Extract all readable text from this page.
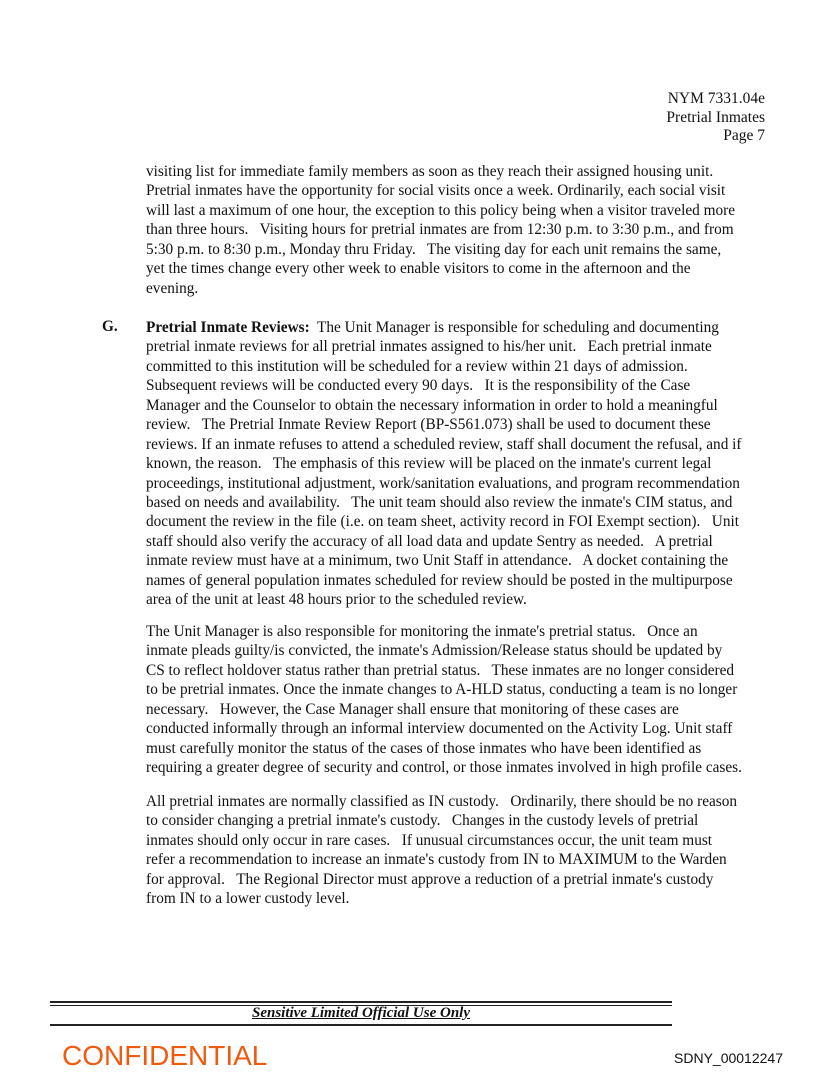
NYM 7331.04e
Pretrial Inmates
Page 7
visiting list for immediate family members as soon as they reach their assigned housing unit.
Pretrial inmates have the opportunity for social visits once a week. Ordinarily, each social visit
will last a maximum of one hour, the exception to this policy being when a visitor traveled more
than three hours.   Visiting hours for pretrial inmates are from 12:30 p.m. to 3:30 p.m., and from
5:30 p.m. to 8:30 p.m., Monday thru Friday.   The visiting day for each unit remains the same,
yet the times change every other week to enable visitors to come in the afternoon and the
evening.
G. Pretrial Inmate Reviews:  The Unit Manager is responsible for scheduling and documenting
pretrial inmate reviews for all pretrial inmates assigned to his/her unit.   Each pretrial inmate
committed to this institution will be scheduled for a review within 21 days of admission.
Subsequent reviews will be conducted every 90 days.   It is the responsibility of the Case
Manager and the Counselor to obtain the necessary information in order to hold a meaningful
review.   The Pretrial Inmate Review Report (BP-S561.073) shall be used to document these
reviews. If an inmate refuses to attend a scheduled review, staff shall document the refusal, and if
known, the reason.   The emphasis of this review will be placed on the inmate's current legal
proceedings, institutional adjustment, work/sanitation evaluations, and program recommendation
based on needs and availability.   The unit team should also review the inmate's CIM status, and
document the review in the file (i.e. on team sheet, activity record in FOI Exempt section).   Unit
staff should also verify the accuracy of all load data and update Sentry as needed.   A pretrial
inmate review must have at a minimum, two Unit Staff in attendance.   A docket containing the
names of general population inmates scheduled for review should be posted in the multipurpose
area of the unit at least 48 hours prior to the scheduled review.
The Unit Manager is also responsible for monitoring the inmate's pretrial status.   Once an
inmate pleads guilty/is convicted, the inmate's Admission/Release status should be updated by
CS to reflect holdover status rather than pretrial status.   These inmates are no longer considered
to be pretrial inmates. Once the inmate changes to A-HLD status, conducting a team is no longer
necessary.   However, the Case Manager shall ensure that monitoring of these cases are
conducted informally through an informal interview documented on the Activity Log. Unit staff
must carefully monitor the status of the cases of those inmates who have been identified as
requiring a greater degree of security and control, or those inmates involved in high profile cases.
All pretrial inmates are normally classified as IN custody.   Ordinarily, there should be no reason
to consider changing a pretrial inmate's custody.   Changes in the custody levels of pretrial
inmates should only occur in rare cases.   If unusual circumstances occur, the unit team must
refer a recommendation to increase an inmate's custody from IN to MAXIMUM to the Warden
for approval.   The Regional Director must approve a reduction of a pretrial inmate's custody
from IN to a lower custody level.
Sensitive Limited Official Use Only
CONFIDENTIAL	SDNY_00012247
